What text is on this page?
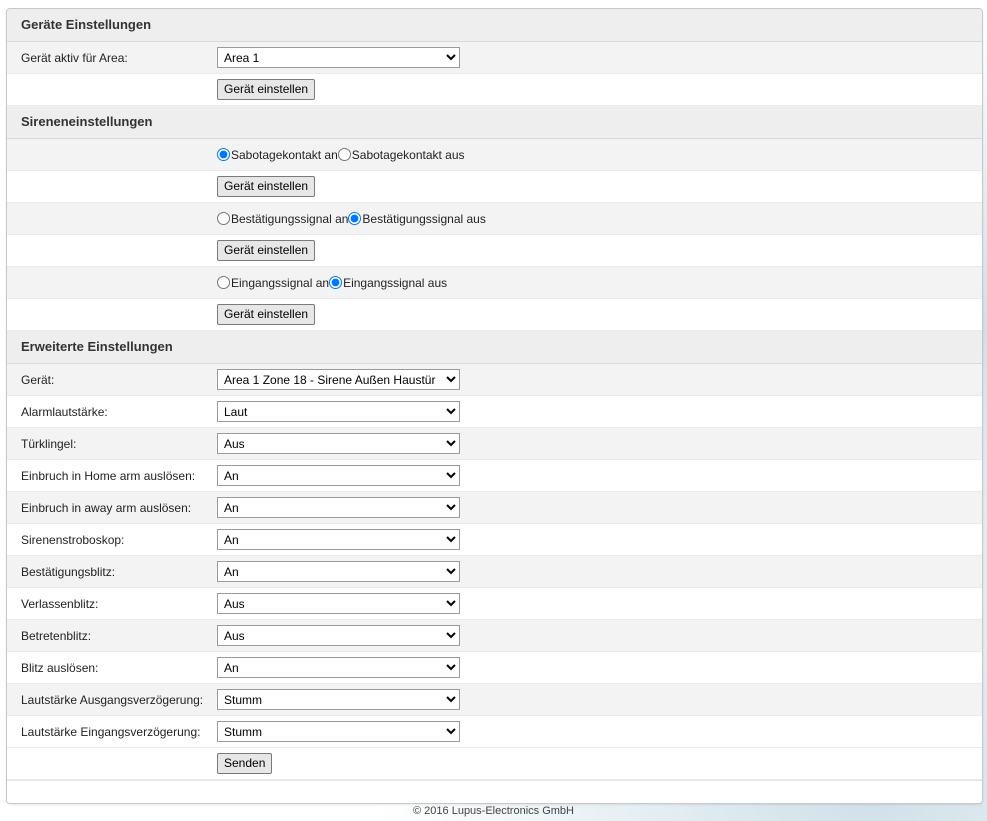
Geräte Einstellungen
Gerät aktiv für Area:
Area 1
Gerät einstellen
Sireneneinstellungen
Sabotagekontakt an Sabotagekontakt aus
Gerät einstellen
Bestätigungssignal an Bestätigungssignal aus
Gerät einstellen
Eingangssignal an Eingangssignal aus
Gerät einstellen
Erweiterte Einstellungen
Gerät:
Area 1 Zone 18 - Sirene Außen Haustür
Alarmlautstärke:
Laut
Türklingel:
Aus
Einbruch in Home arm auslösen:
An
Einbruch in away arm auslösen:
An
Sirenenstroboskop:
An
Bestätigungsblitz:
An
Verlassenblitz:
Aus
Betretenblitz:
Aus
Blitz auslösen:
An
Lautstärke Ausgangsverzögerung:
Stumm
Lautstärke Eingangsverzögerung:
Stumm
Senden
© 2016 Lupus-Electronics GmbH
